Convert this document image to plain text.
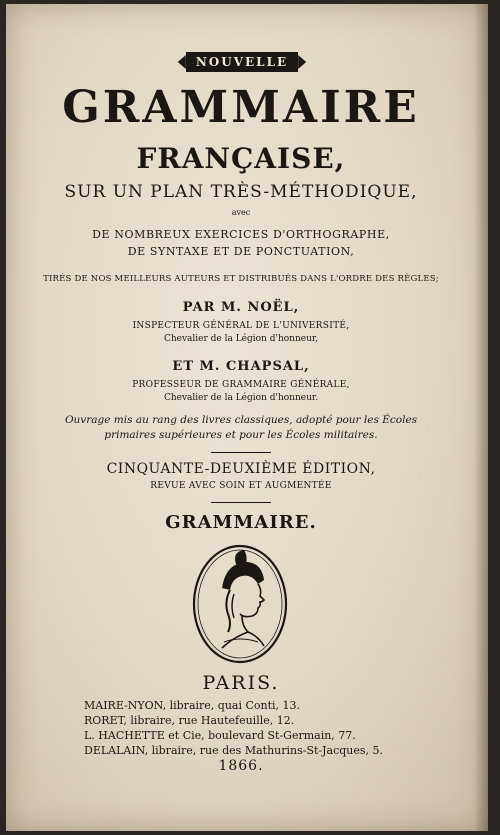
NOUVELLE
GRAMMAIRE
FRANÇAISE,
SUR UN PLAN TRÈS-MÉTHODIQUE,
avec
DE NOMBREUX EXERCICES D'ORTHOGRAPHE,
DE SYNTAXE ET DE PONCTUATION,
TIRÉS DE NOS MEILLEURS AUTEURS ET DISTRIBUÉS DANS L'ORDRE DES RÈGLES;
PAR M. NOËL,
INSPECTEUR GÉNÉRAL DE L'UNIVERSITÉ,
Chevalier de la Légion d'honneur,
ET M. CHAPSAL,
PROFESSEUR DE GRAMMAIRE GÉNÉRALE,
Chevalier de la Légion d'honneur.
Ouvrage mis au rang des livres classiques, adopté pour les Écoles
primaires supérieures et pour les Écoles militaires.
CINQUANTE-DEUXIÈME ÉDITION,
REVUE AVEC SOIN ET AUGMENTÉE
GRAMMAIRE.
PARIS.
MAIRE-NYON, libraire, quai Conti, 13.
RORET, libraire, rue Hautefeuille, 12.
L. HACHETTE et Cie, boulevard St-Germain, 77.
DELALAIN, libraire, rue des Mathurins-St-Jacques, 5.
1866.
